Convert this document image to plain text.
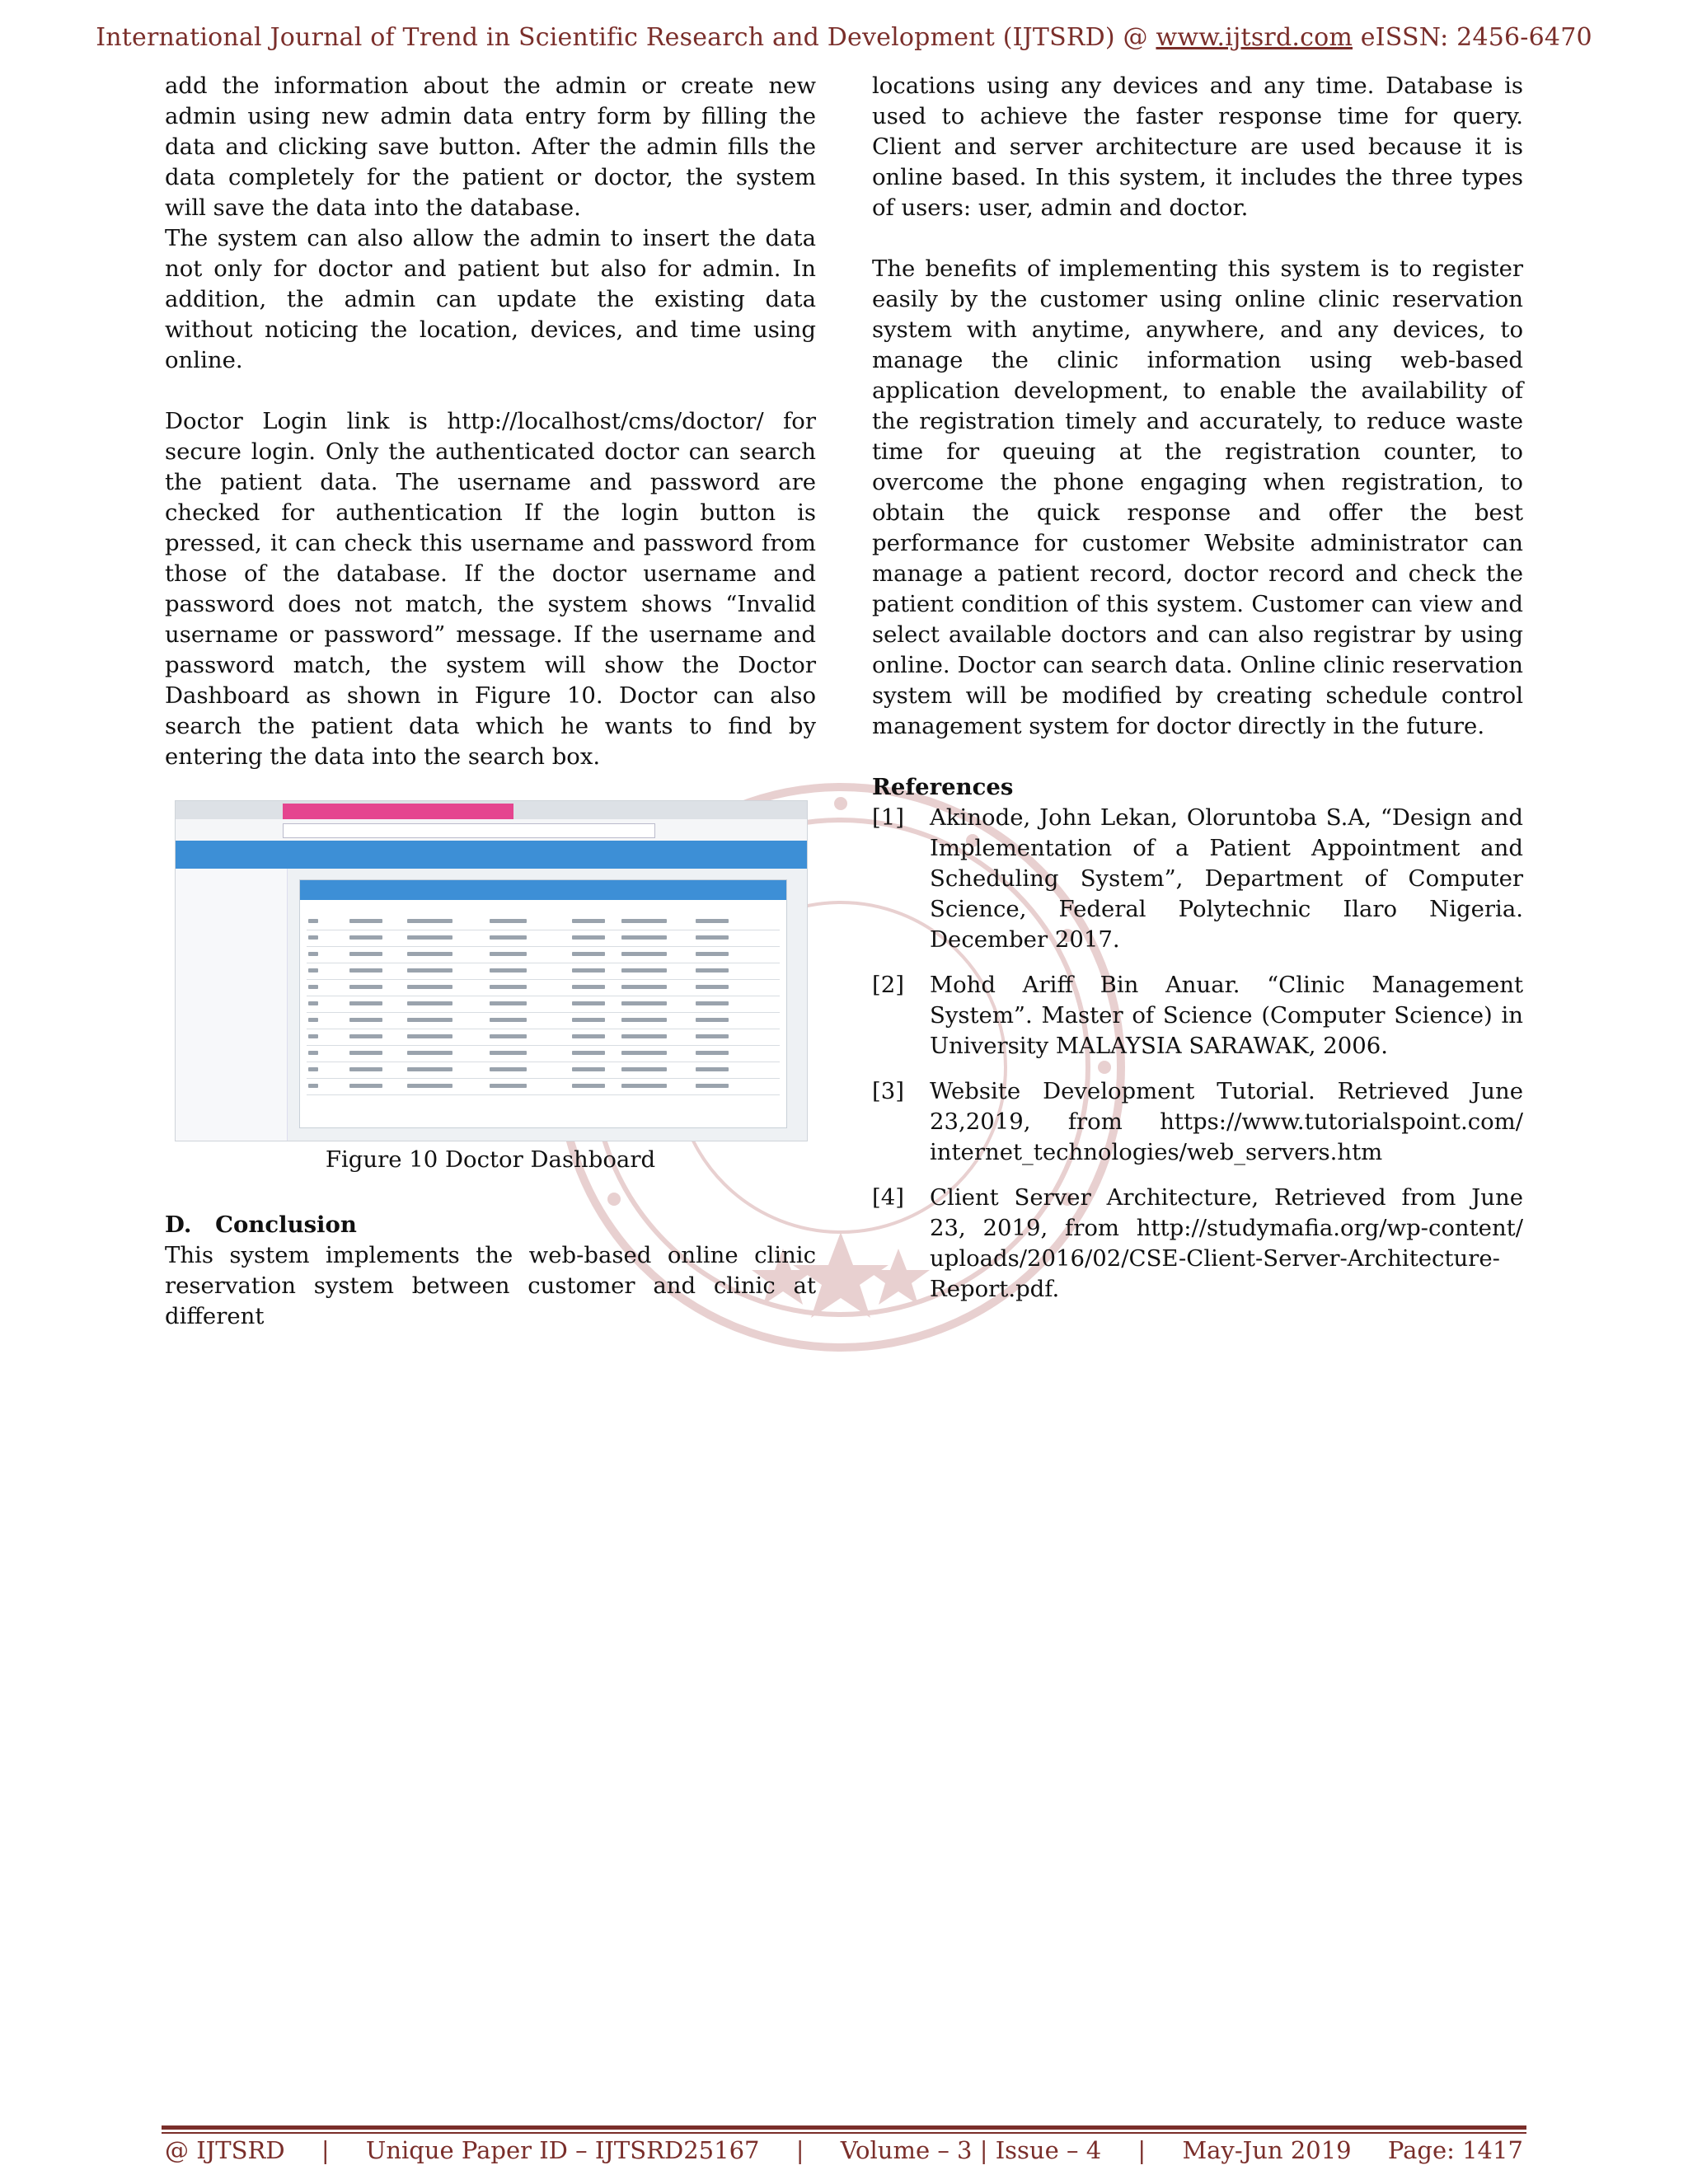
International Journal of Trend in Scientific Research and Development (IJTSRD) @ www.ijtsrd.com eISSN: 2456-6470

add the information about the admin or create new admin using new admin data entry form by filling the data and clicking save button. After the admin fills the data completely for the patient or doctor, the system will save the data into the database.

The system can also allow the admin to insert the data not only for doctor and patient but also for admin. In addition, the admin can update the existing data without noticing the location, devices, and time using online.

Doctor Login link is http://localhost/cms/doctor/ for secure login. Only the authenticated doctor can search the patient data. The username and password are checked for authentication If the login button is pressed, it can check this username and password from those of the database. If the doctor username and password does not match, the system shows “Invalid username or password” message. If the username and password match, the system will show the Doctor Dashboard as shown in Figure 10. Doctor can also search the patient data which he wants to find by entering the data into the search box.

Figure 10 Doctor Dashboard
D.   Conclusion

This system implements the web-based online clinic reservation system between customer and clinic at different

locations using any devices and any time. Database is used to achieve the faster response time for query. Client and server architecture are used because it is online based. In this system, it includes the three types of users: user, admin and doctor.

The benefits of implementing this system is to register easily by the customer using online clinic reservation system with anytime, anywhere, and any devices, to manage the clinic information using web-based application development, to enable the availability of the registration timely and accurately, to reduce waste time for queuing at the registration counter, to overcome the phone engaging when registration, to obtain the quick response and offer the best performance for customer Website administrator can manage a patient record, doctor record and check the patient condition of this system. Customer can view and select available doctors and can also registrar by using online. Doctor can search data. Online clinic reservation system will be modified by creating schedule control management system for doctor directly in the future.

References
[1]	Akinode, John Lekan, Oloruntoba S.A, “Design and Implementation of a Patient Appointment and Scheduling System”, Department of Computer Science, Federal Polytechnic Ilaro Nigeria. December 2017.
[2]	Mohd Ariff Bin Anuar. “Clinic Management System”. Master of Science (Computer Science) in University MALAYSIA SARAWAK, 2006.
[3]	Website Development Tutorial. Retrieved June 23,2019, from https://www.tutorialspoint.com/ internet_technologies/web_servers.htm
[4]	Client Server Architecture, Retrieved from June 23, 2019, from http://studymafia.org/wp-content/ uploads/2016/02/CSE-Client-Server-Architecture-Report.pdf.
@ IJTSRD | Unique Paper ID – IJTSRD25167 | Volume – 3 | Issue – 4 | May-Jun 2019 Page: 1417
